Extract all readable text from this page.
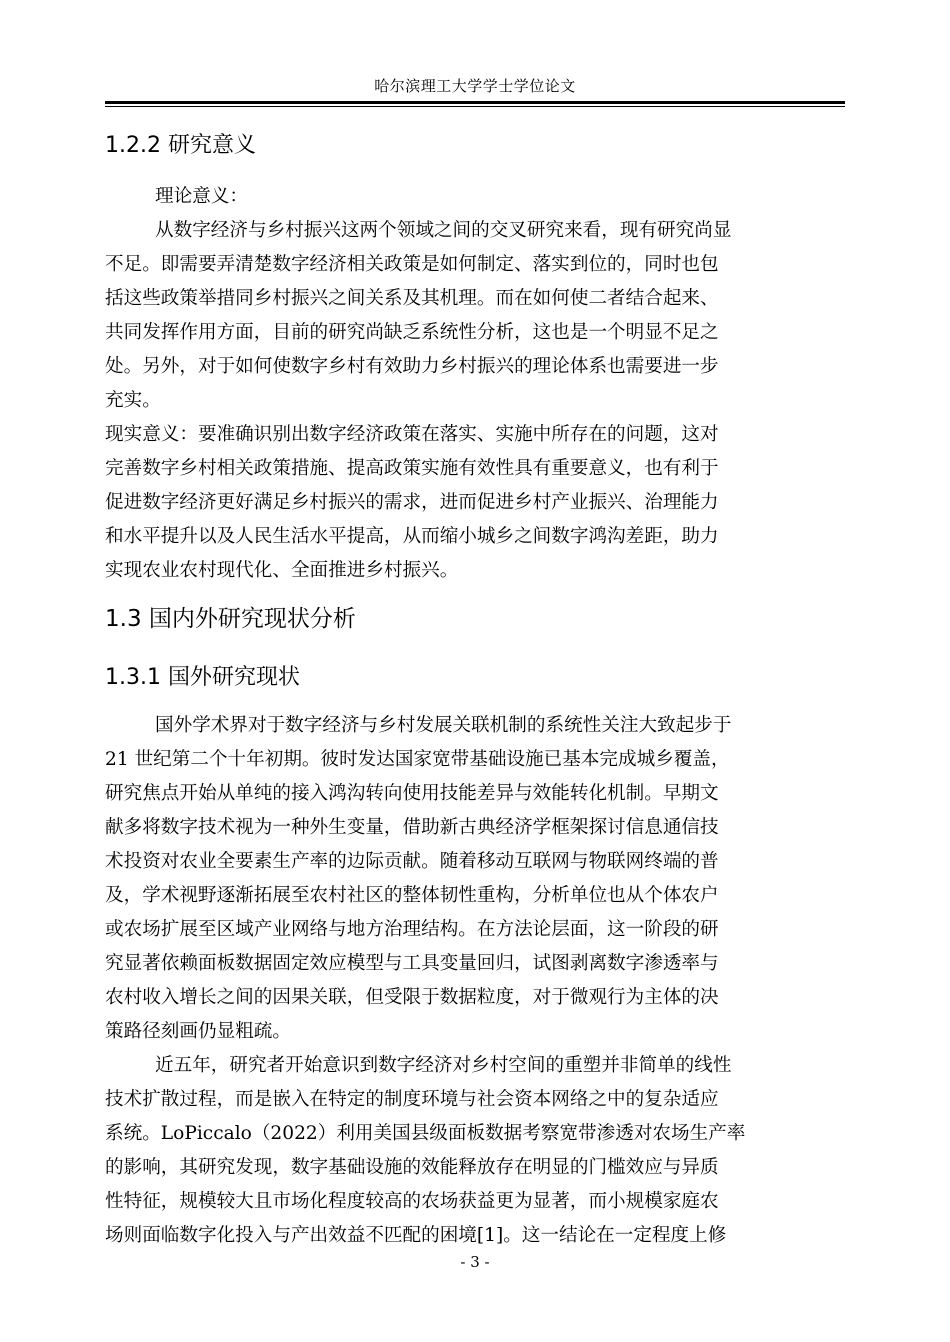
哈尔滨理工大学学士学位论文
1.2.2 研究意义
理论意义：
从数字经济与乡村振兴这两个领域之间的交叉研究来看，现有研究尚显
不足。即需要弄清楚数字经济相关政策是如何制定、落实到位的，同时也包
括这些政策举措同乡村振兴之间关系及其机理。而在如何使二者结合起来、
共同发挥作用方面，目前的研究尚缺乏系统性分析，这也是一个明显不足之
处。另外，对于如何使数字乡村有效助力乡村振兴的理论体系也需要进一步
充实。
现实意义：要准确识别出数字经济政策在落实、实施中所存在的问题，这对
完善数字乡村相关政策措施、提高政策实施有效性具有重要意义，也有利于
促进数字经济更好满足乡村振兴的需求，进而促进乡村产业振兴、治理能力
和水平提升以及人民生活水平提高，从而缩小城乡之间数字鸿沟差距，助力
实现农业农村现代化、全面推进乡村振兴。
1.3 国内外研究现状分析
1.3.1 国外研究现状
国外学术界对于数字经济与乡村发展关联机制的系统性关注大致起步于
21 世纪第二个十年初期。彼时发达国家宽带基础设施已基本完成城乡覆盖，
研究焦点开始从单纯的接入鸿沟转向使用技能差异与效能转化机制。早期文
献多将数字技术视为一种外生变量，借助新古典经济学框架探讨信息通信技
术投资对农业全要素生产率的边际贡献。随着移动互联网与物联网终端的普
及，学术视野逐渐拓展至农村社区的整体韧性重构，分析单位也从个体农户
或农场扩展至区域产业网络与地方治理结构。在方法论层面，这一阶段的研
究显著依赖面板数据固定效应模型与工具变量回归，试图剥离数字渗透率与
农村收入增长之间的因果关联，但受限于数据粒度，对于微观行为主体的决
策路径刻画仍显粗疏。
近五年，研究者开始意识到数字经济对乡村空间的重塑并非简单的线性
技术扩散过程，而是嵌入在特定的制度环境与社会资本网络之中的复杂适应
系统。LoPiccalo（2022）利用美国县级面板数据考察宽带渗透对农场生产率
的影响，其研究发现，数字基础设施的效能释放存在明显的门槛效应与异质
性特征，规模较大且市场化程度较高的农场获益更为显著，而小规模家庭农
场则面临数字化投入与产出效益不匹配的困境[1]。这一结论在一定程度上修
- 3 -
